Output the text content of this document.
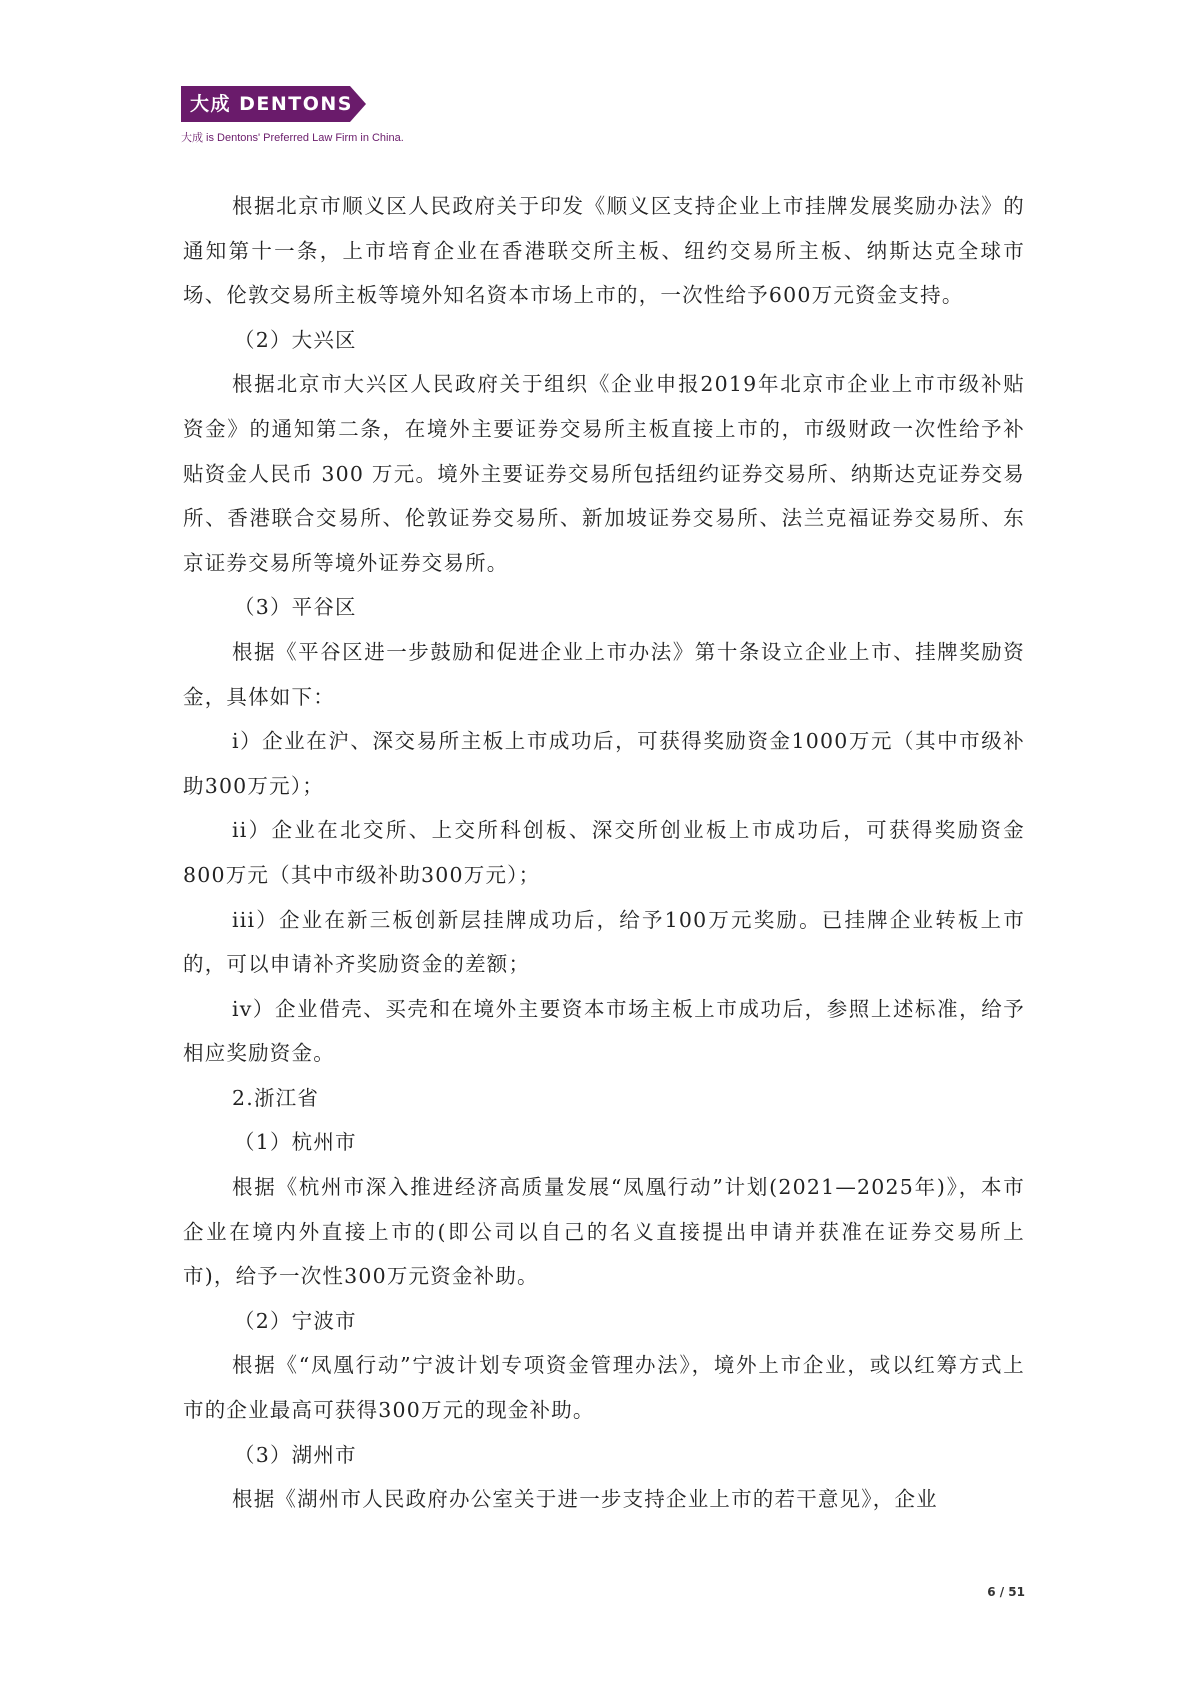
大成 DENTONS
大成 is Dentons' Preferred Law Firm in China.

根据北京市顺义区人民政府关于印发《顺义区支持企业上市挂牌发展奖励办法》的通知第十一条，上市培育企业在香港联交所主板、纽约交易所主板、纳斯达克全球市场、伦敦交易所主板等境外知名资本市场上市的，一次性给予600万元资金支持。

（2）大兴区

根据北京市大兴区人民政府关于组织《企业申报2019年北京市企业上市市级补贴资金》的通知第二条，在境外主要证券交易所主板直接上市的，市级财政一次性给予补贴资金人民币 300 万元。境外主要证券交易所包括纽约证券交易所、纳斯达克证券交易所、香港联合交易所、伦敦证券交易所、新加坡证券交易所、法兰克福证券交易所、东京证券交易所等境外证券交易所。

（3）平谷区

根据《平谷区进一步鼓励和促进企业上市办法》第十条设立企业上市、挂牌奖励资金，具体如下：

i）企业在沪、深交易所主板上市成功后，可获得奖励资金1000万元（其中市级补助300万元）；

ii）企业在北交所、上交所科创板、深交所创业板上市成功后，可获得奖励资金800万元（其中市级补助300万元）；

iii）企业在新三板创新层挂牌成功后，给予100万元奖励。已挂牌企业转板上市的，可以申请补齐奖励资金的差额；

iv）企业借壳、买壳和在境外主要资本市场主板上市成功后，参照上述标准，给予相应奖励资金。

2.浙江省

（1）杭州市

根据《杭州市深入推进经济高质量发展“凤凰行动”计划(2021—2025年)》，本市企业在境内外直接上市的(即公司以自己的名义直接提出申请并获准在证券交易所上市)，给予一次性300万元资金补助。

（2）宁波市

根据《“凤凰行动”宁波计划专项资金管理办法》，境外上市企业，或以红筹方式上市的企业最高可获得300万元的现金补助。

（3）湖州市

根据《湖州市人民政府办公室关于进一步支持企业上市的若干意见》，企业

6 / 51
